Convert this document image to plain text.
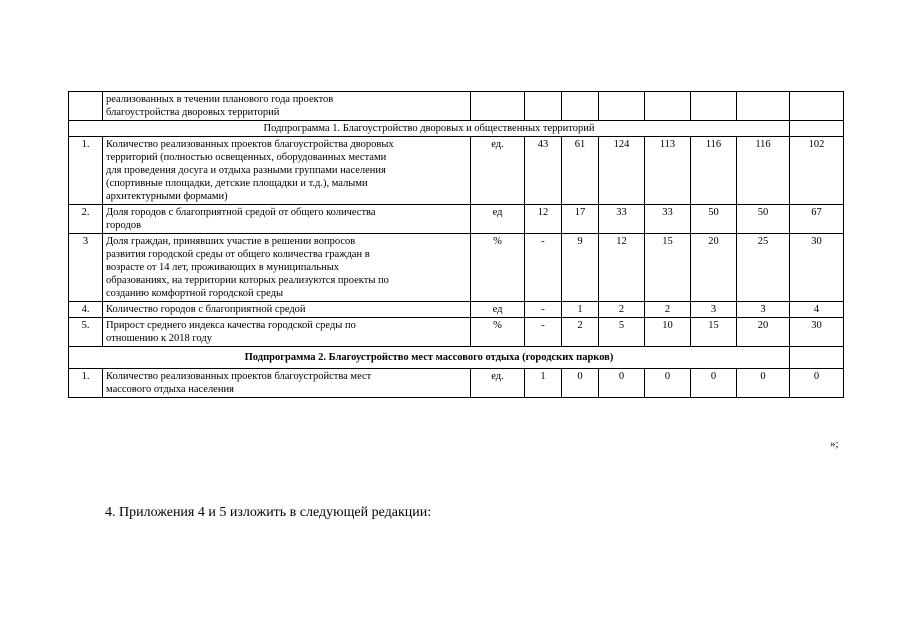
	реализованных в течении планового года проектов
благоустройства дворовых территорий								

Подпрограмма 1. Благоустройство дворовых и общественных территорий									
1.	Количество реализованных проектов благоустройства дворовых
территорий (полностью освещенных, оборудованных местами
для проведения досуга и отдыха разными группами населения
(спортивные площадки, детские площадки и т.д.), малыми
архитектурными формами)	ед.	43	61	124	113	116	116	102
2.	Доля городов с благоприятной средой от общего количества
городов	ед	12	17	33	33	50	50	67
3	Доля граждан, принявших участие в решении вопросов
развития городской среды от общего количества граждан в
возрасте от 14 лет, проживающих в муниципальных
образованиях, на территории которых реализуются проекты по
созданию комфортной городской среды	%	-	9	12	15	20	25	30
4.	Количество городов с благоприятной средой	ед	-	1	2	2	3	3	4
5.	Прирост среднего индекса качества городской среды по
отношению к 2018 году	%	-	2	5	10	15	20	30
Подпрограмма 2. Благоустройство мест массового отдыха (городских парков)									
1.	Количество реализованных проектов благоустройства мест
массового отдыха населения	ед.	1	0	0	0	0	0	0
»;
4. Приложения 4 и 5 изложить в следующей редакции:
